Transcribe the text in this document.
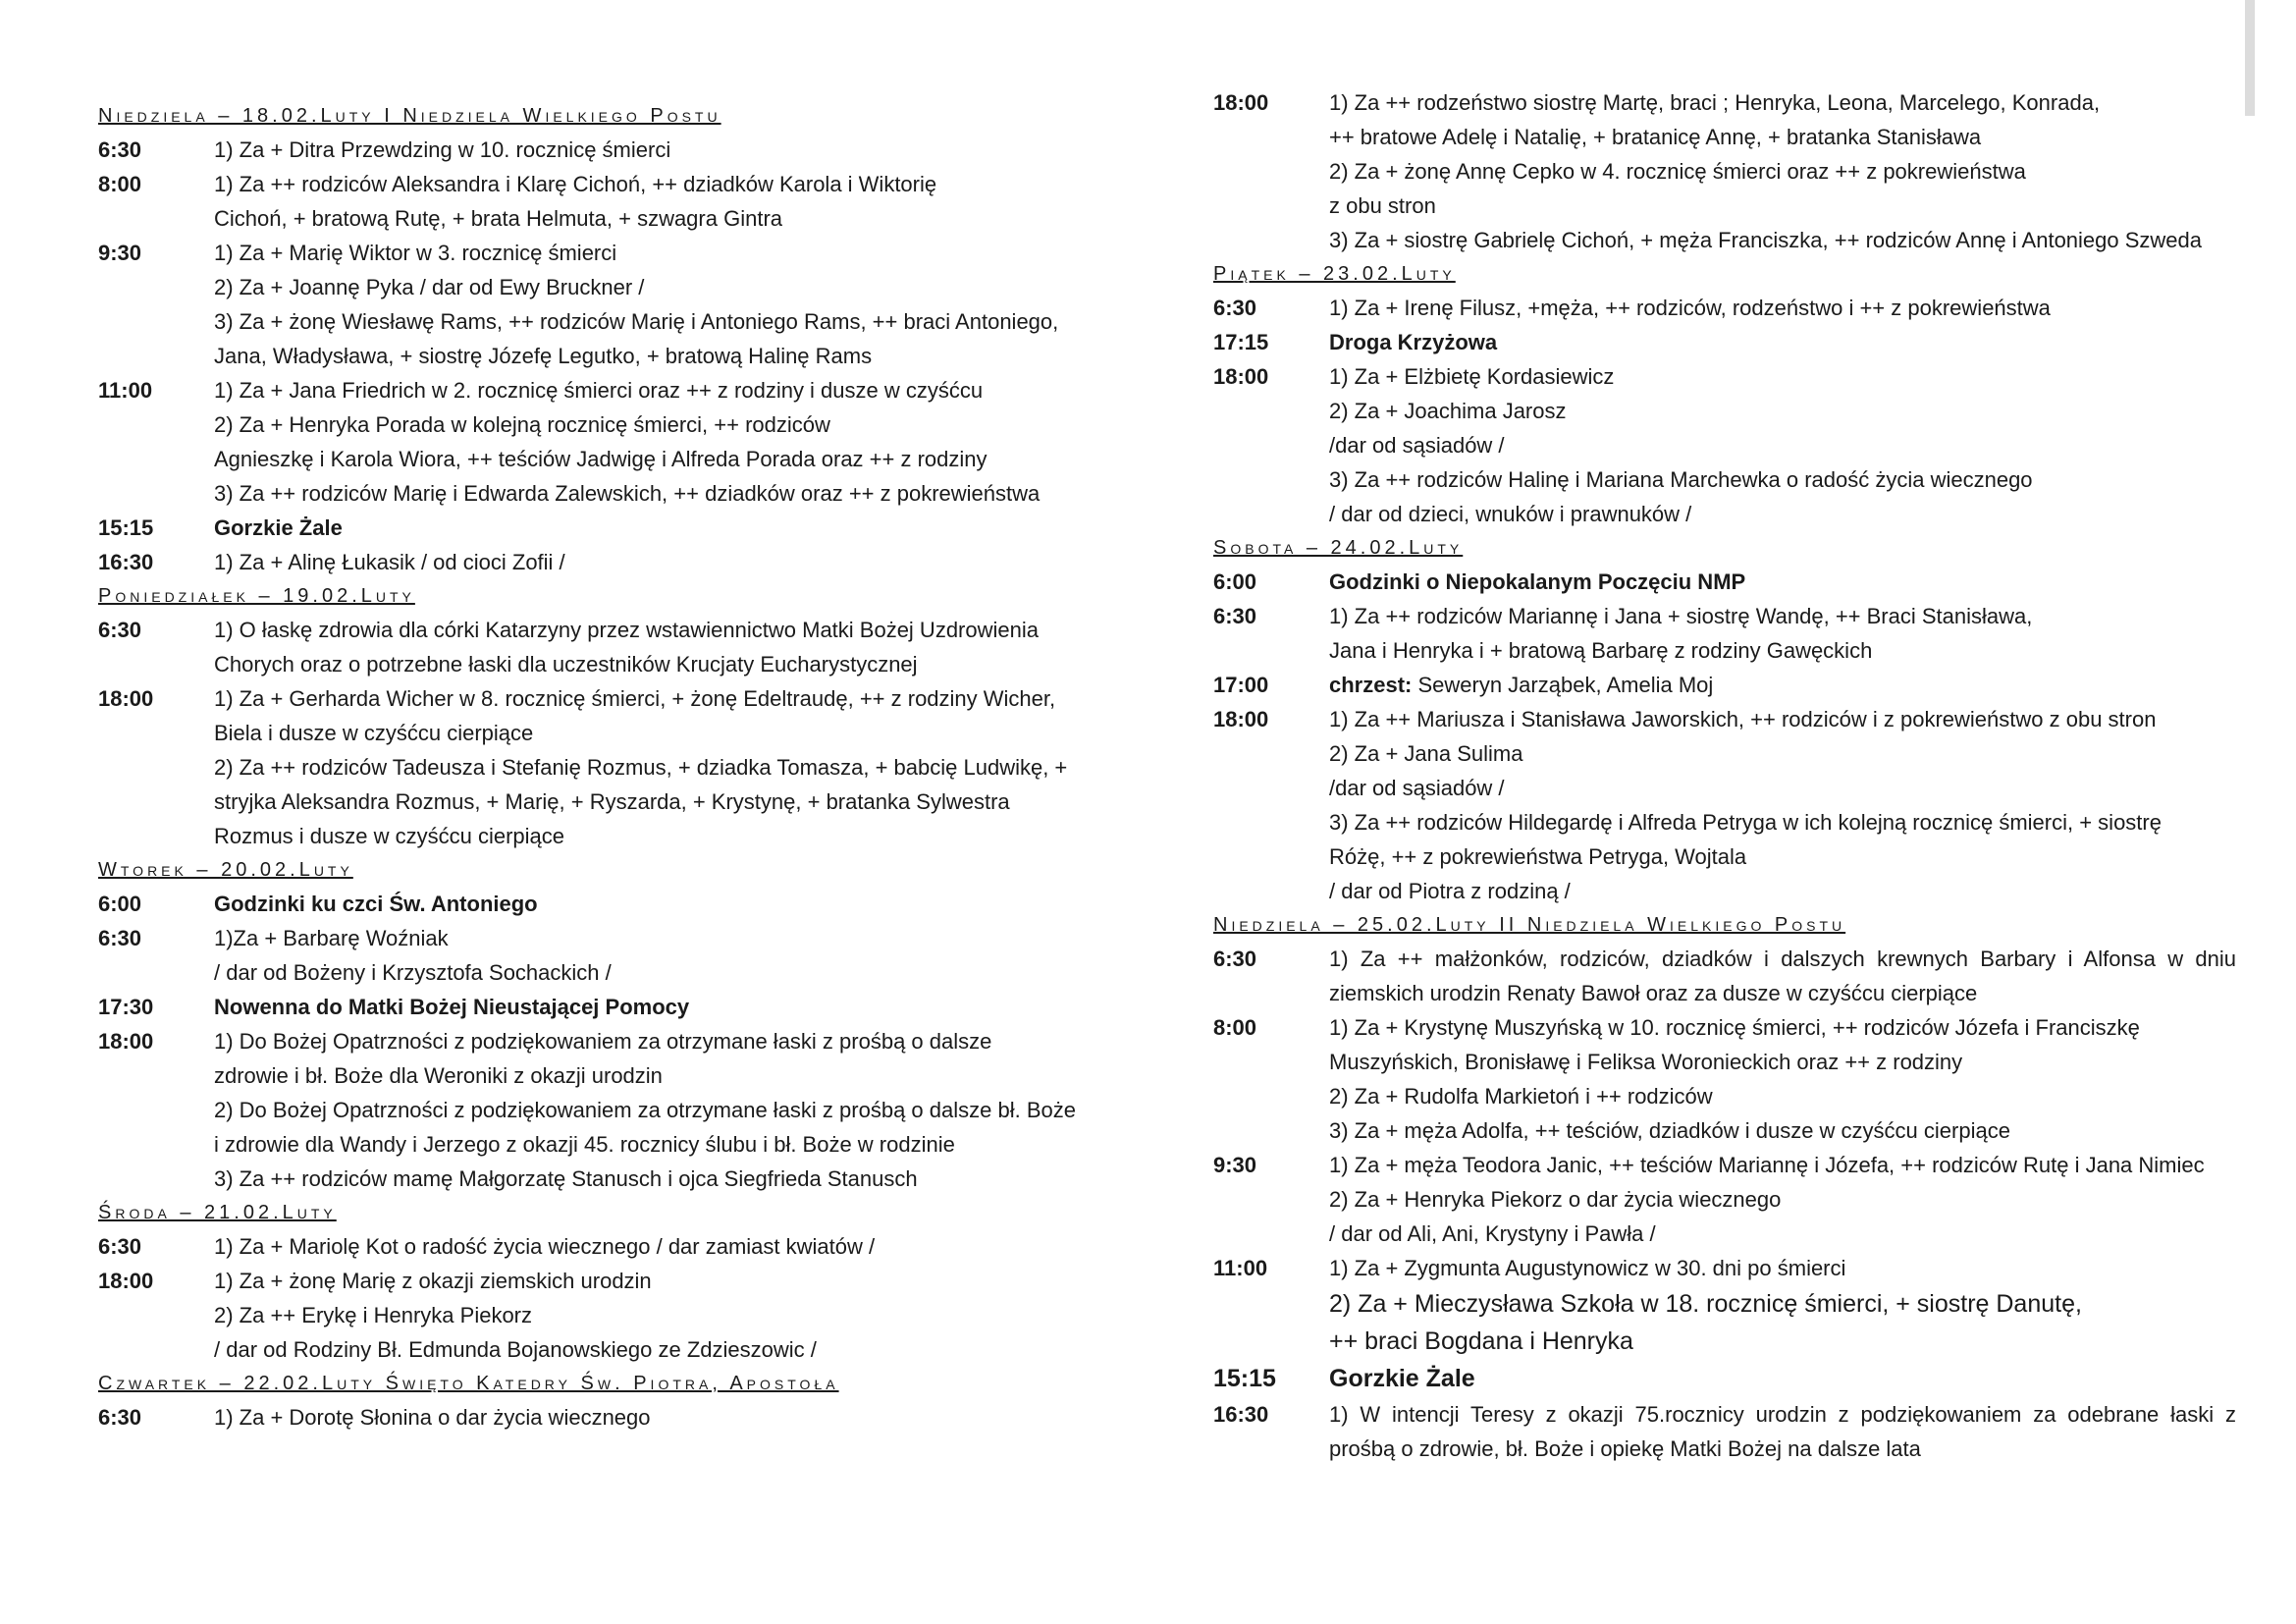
Niedziela – 18.02.Luty I Niedziela Wielkiego Postu
6:30	1) Za + Ditra Przewdzing w 10. rocznicę śmierci
8:00	1) Za ++ rodziców Aleksandra i Klarę Cichoń, ++ dziadków Karola i Wiktorię
Cichoń, + bratową Rutę, + brata Helmuta, + szwagra Gintra
9:30	1) Za + Marię Wiktor w 3. rocznicę śmierci
2) Za + Joannę Pyka / dar od Ewy Bruckner /
3) Za + żonę Wiesławę Rams, ++ rodziców Marię i Antoniego Rams, ++ braci Antoniego,
Jana, Władysława, + siostrę Józefę Legutko, + bratową Halinę Rams
11:00	1) Za + Jana Friedrich w 2. rocznicę śmierci oraz ++ z rodziny i dusze w czyśćcu
2) Za + Henryka Porada w kolejną rocznicę śmierci, ++ rodziców
Agnieszkę i Karola Wiora, ++ teściów Jadwigę i Alfreda Porada oraz ++ z rodziny
3) Za ++ rodziców Marię i Edwarda Zalewskich, ++ dziadków oraz ++ z pokrewieństwa
15:15	Gorzkie Żale
16:30	1) Za + Alinę Łukasik / od cioci Zofii /
Poniedziałek – 19.02.Luty
6:30	1) O łaskę zdrowia dla córki Katarzyny przez wstawiennictwo Matki Bożej Uzdrowienia
Chorych oraz o potrzebne łaski dla uczestników Krucjaty Eucharystycznej
18:00	1) Za + Gerharda Wicher w 8. rocznicę śmierci, + żonę Edeltraudę, ++ z rodziny Wicher,
Biela i dusze w czyśćcu cierpiące
2) Za ++ rodziców Tadeusza i Stefanię Rozmus, + dziadka Tomasza, + babcię Ludwikę, +
stryjka Aleksandra Rozmus, + Marię, + Ryszarda, + Krystynę, + bratanka Sylwestra
Rozmus i dusze w czyśćcu cierpiące
Wtorek – 20.02.Luty
6:00	Godzinki ku czci Św. Antoniego
6:30	1)Za + Barbarę Woźniak
/ dar od Bożeny i Krzysztofa Sochackich /
17:30	Nowenna do Matki Bożej Nieustającej Pomocy
18:00	1) Do Bożej Opatrzności z podziękowaniem za otrzymane łaski z prośbą o dalsze
zdrowie i bł. Boże dla Weroniki z okazji urodzin
2) Do Bożej Opatrzności z podziękowaniem za otrzymane łaski z prośbą o dalsze bł. Boże
i zdrowie dla Wandy i Jerzego z okazji 45. rocznicy ślubu i bł. Boże w rodzinie
3) Za ++ rodziców mamę Małgorzatę Stanusch i ojca Siegfrieda Stanusch
Środa – 21.02.Luty
6:30	1) Za + Mariolę Kot o radość życia wiecznego / dar zamiast kwiatów /
18:00	1) Za + żonę Marię z okazji ziemskich urodzin
2) Za ++ Erykę i Henryka Piekorz
/ dar od Rodziny Bł. Edmunda Bojanowskiego ze Zdzieszowic /
Czwartek – 22.02.Luty Święto Katedry Św. Piotra, Apostoła
6:30	1) Za + Dorotę Słonina o dar życia wiecznego
18:00	1) Za ++ rodzeństwo siostrę Martę, braci ; Henryka, Leona, Marcelego, Konrada,
++ bratowe Adelę i Natalię, + bratanicę Annę, + bratanka Stanisława
2) Za + żonę Annę Cepko w 4. rocznicę śmierci oraz ++ z pokrewieństwa
z obu stron
3) Za + siostrę Gabrielę Cichoń, + męża Franciszka, ++ rodziców Annę i Antoniego Szweda
Piątek – 23.02.Luty
6:30	1) Za + Irenę Filusz, +męża, ++ rodziców, rodzeństwo i ++ z pokrewieństwa
17:15	Droga Krzyżowa
18:00	1) Za + Elżbietę Kordasiewicz
2) Za + Joachima Jarosz
/dar od sąsiadów /
3) Za ++ rodziców Halinę i Mariana Marchewka o radość życia wiecznego
/ dar od dzieci, wnuków i prawnuków /
Sobota – 24.02.Luty
6:00	Godzinki o Niepokalanym Poczęciu NMP
6:30	1) Za ++ rodziców Mariannę i Jana + siostrę Wandę, ++ Braci Stanisława,
Jana i Henryka i + bratową Barbarę z rodziny Gawęckich
17:00	chrzest: Seweryn Jarząbek, Amelia Moj
18:00	1) Za ++ Mariusza i Stanisława Jaworskich, ++ rodziców i z pokrewieństwo z obu stron
2) Za + Jana Sulima
/dar od sąsiadów /
3) Za ++ rodziców Hildegardę i Alfreda Petryga w ich kolejną rocznicę śmierci, + siostrę
Różę, ++ z pokrewieństwa Petryga, Wojtala
/ dar od Piotra z rodziną /
Niedziela – 25.02.Luty II Niedziela Wielkiego Postu
6:30	1) Za ++ małżonków, rodziców, dziadków i dalszych krewnych Barbary i Alfonsa w dniu
ziemskich urodzin Renaty Bawoł oraz za dusze w czyśćcu cierpiące
8:00	1) Za + Krystynę Muszyńską w 10. rocznicę śmierci, ++ rodziców Józefa i Franciszkę
Muszyńskich, Bronisławę i Feliksa Woronieckich oraz ++ z rodziny
2) Za + Rudolfa Markietoń i ++ rodziców
3) Za + męża Adolfa, ++ teściów, dziadków i dusze w czyśćcu cierpiące
9:30	1) Za + męża Teodora Janic, ++ teściów Mariannę i Józefa, ++ rodziców Rutę i Jana Nimiec
2) Za + Henryka Piekorz o dar życia wiecznego
/ dar od Ali, Ani, Krystyny i Pawła /
11:00	1) Za + Zygmunta Augustynowicz w 30. dni po śmierci
2) Za + Mieczysława Szkoła w 18. rocznicę śmierci, + siostrę Danutę,
++ braci Bogdana i Henryka
15:15	Gorzkie Żale
16:30	1) W intencji Teresy z okazji 75.rocznicy urodzin z podziękowaniem za odebrane łaski z
prośbą o zdrowie, bł. Boże i opiekę Matki Bożej na dalsze lata
